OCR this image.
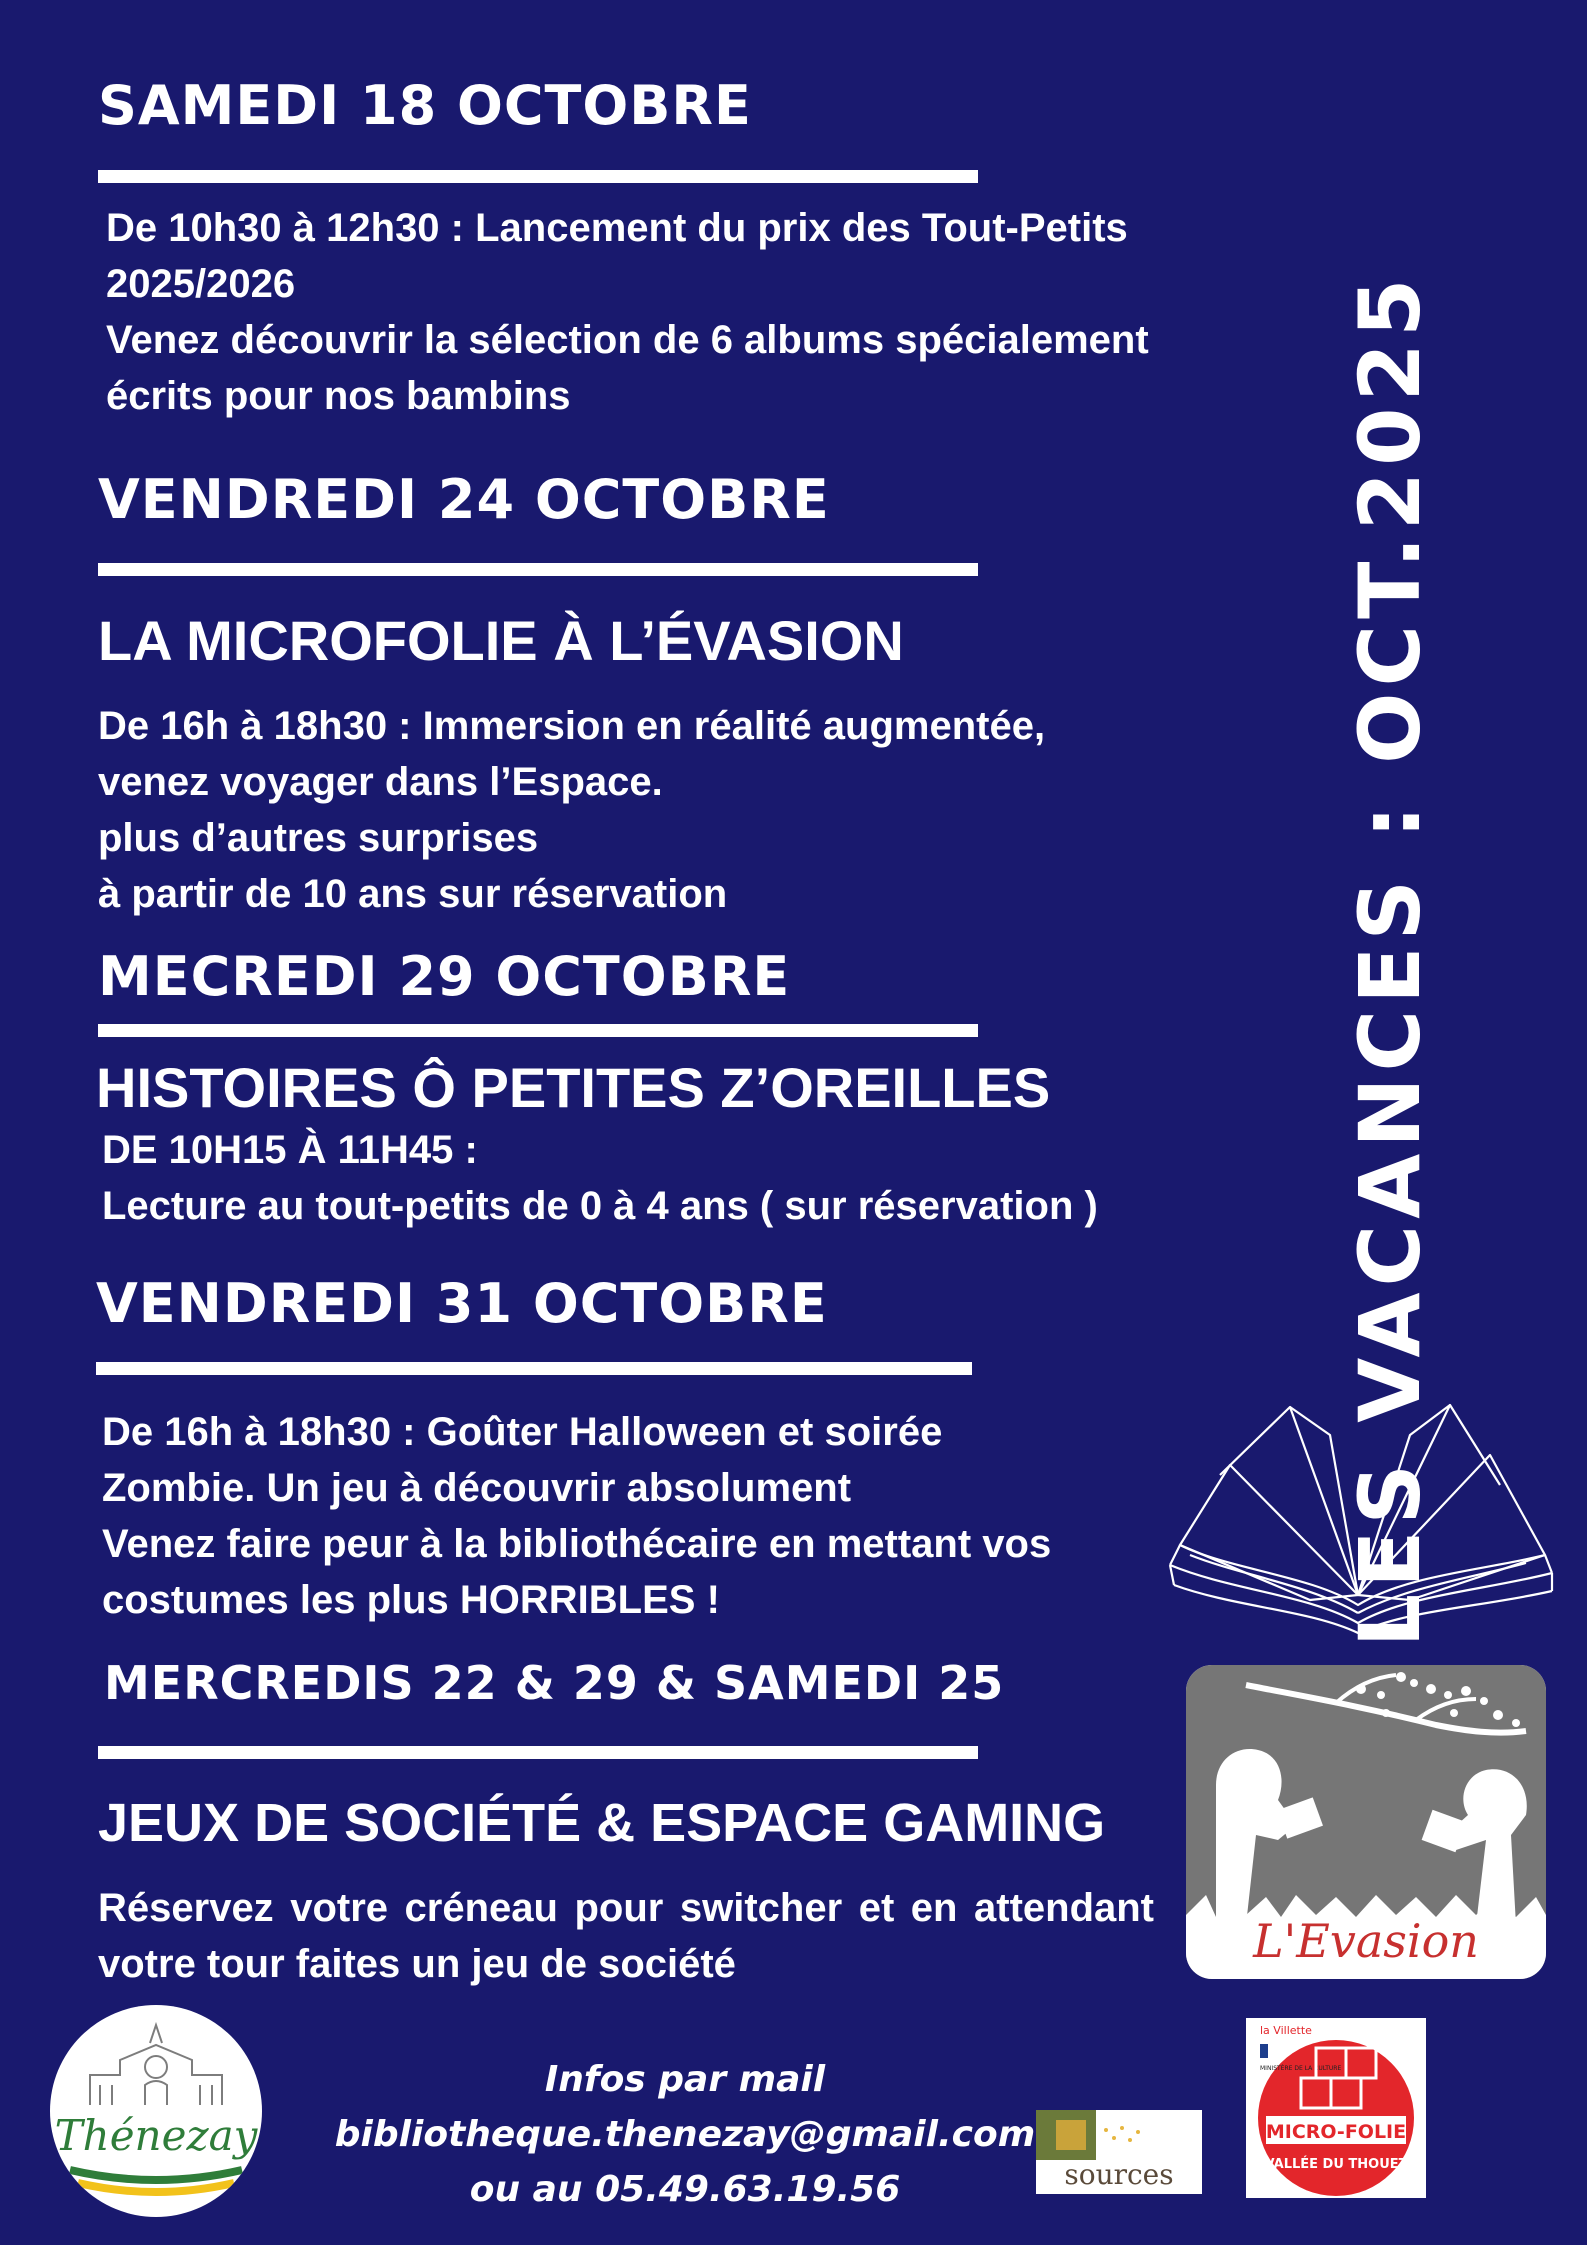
LES VACANCES : OCT.2025
SAMEDI 18 OCTOBRE
De 10h30 à 12h30 : Lancement du prix des Tout-Petits
2025/2026
Venez découvrir la sélection de 6 albums spécialement
écrits pour nos bambins
VENDREDI 24 OCTOBRE
LA MICROFOLIE À L’ÉVASION
De 16h à 18h30 : Immersion en réalité augmentée,
venez voyager dans l’Espace.
plus d’autres surprises
à partir de 10 ans sur réservation
MECREDI 29 OCTOBRE
HISTOIRES Ô PETITES Z’OREILLES
DE 10H15 À 11H45 :
Lecture au tout-petits de 0 à 4 ans ( sur réservation )
VENDREDI 31 OCTOBRE
De 16h à 18h30 : Goûter Halloween et soirée
Zombie. Un jeu à découvrir absolument
Venez faire peur à la bibliothécaire en mettant vos
costumes les plus HORRIBLES !
MERCREDIS 22 & 29 & SAMEDI 25
JEUX DE SOCIÉTÉ & ESPACE GAMING
Réservez votre créneau pour switcher et en attendant votre tour faites un jeu de société	L'Evasion
Thénezay
Infos par mail
bibliotheque.thenezay@gmail.com
ou au 05.49.63.19.56	sources
la Villette
MINISTÈRE DE LA CULTURE
MICRO-FOLIE
VALLÉE DU THOUET
